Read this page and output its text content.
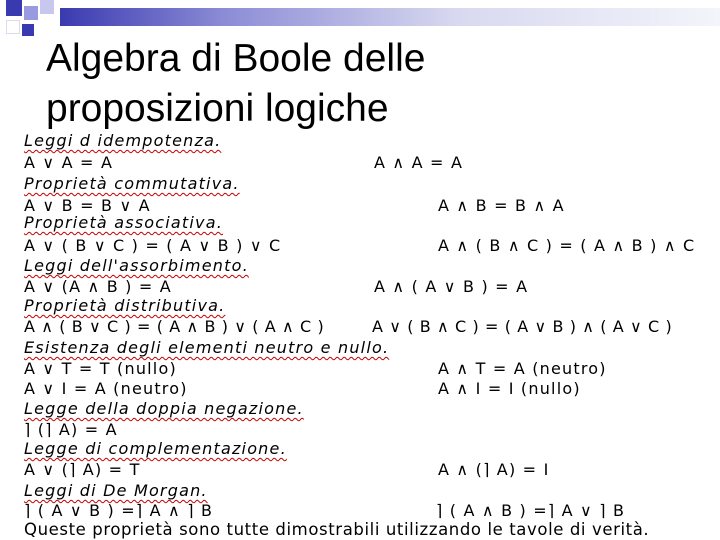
Algebra di Boole delle
proposizioni logiche
Leggi d idempotenza.
A ∨ A = A	A ∧ A = A
Proprietà commutativa.
A ∨ B = B ∨ A	A ∧ B = B ∧ A
Proprietà associativa.
A ∨ ( B ∨ C ) = ( A ∨ B ) ∨ C	A ∧ ( B ∧ C ) = ( A ∧ B ) ∧ C
Leggi dell'assorbimento.
A ∨ (A ∧ B ) = A	A ∧ ( A ∨ B ) = A
Proprietà distributiva.
A ∧ ( B ∨ C ) = ( A ∧ B ) ∨ ( A ∧ C )	A ∨ ( B ∧ C ) = ( A ∨ B ) ∧ ( A ∨ C )
Esistenza degli elementi neutro e nullo.
A ∨ T = T (nullo)	A ∧ T = A (neutro)
A ∨ I = A (neutro)	A ∧ I = I (nullo)
Legge della doppia negazione.
⌉ (⌉ A) = A
Legge di complementazione.
A ∨ (⌉ A) = T	A ∧ (⌉ A) = I
Leggi di De Morgan.
⌉ ( A ∨ B ) =⌉ A ∧ ⌉ B	⌉ ( A ∧ B ) =⌉ A ∨ ⌉ B
Queste proprietà sono tutte dimostrabili utilizzando le tavole di verità.
